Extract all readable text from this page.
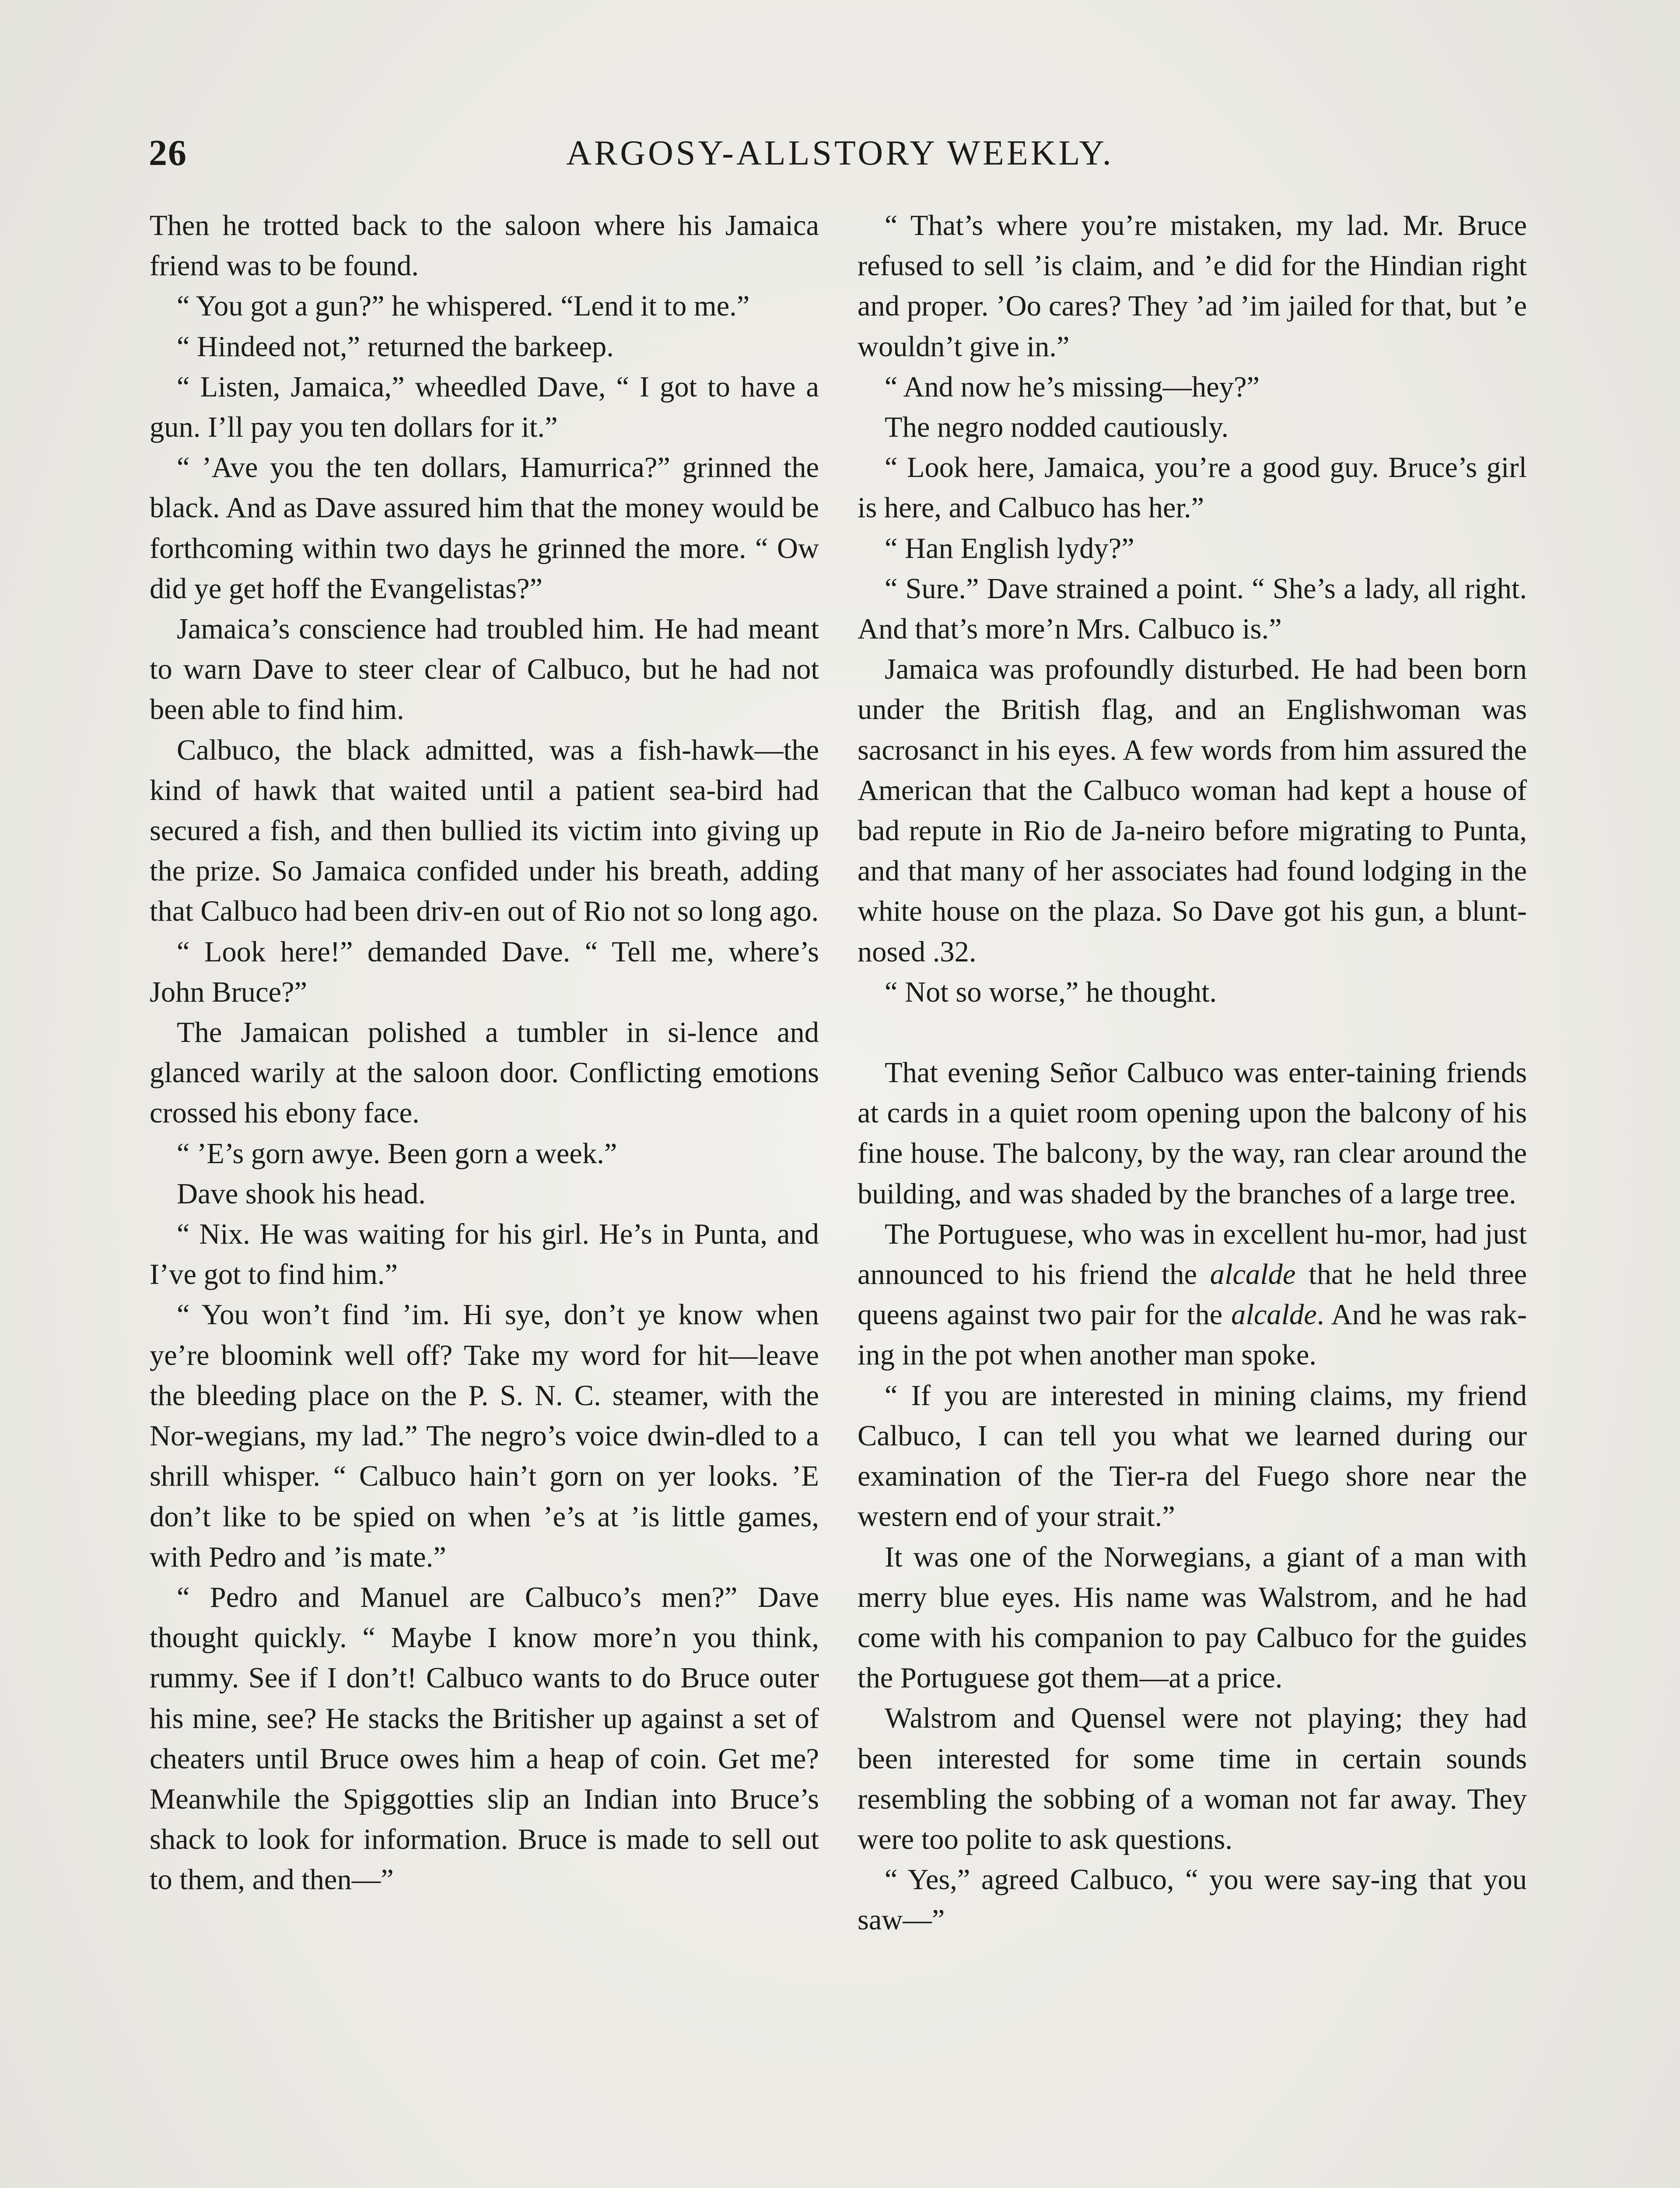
26	ARGOSY-ALLSTORY WEEKLY.

Then he trotted back to the saloon where his Jamaica friend was to be found.

“ You got a gun?” he whispered. “Lend it to me.”

“ Hindeed not,” returned the barkeep.

“ Listen, Jamaica,” wheedled Dave, “ I got to have a gun. I’ll pay you ten dollars for it.”

“ ’Ave you the ten dollars, Hamurrica?” grinned the black. And as Dave assured him that the money would be forthcoming within two days he grinned the more. “ Ow did ye get hoff the Evangelistas?”

Jamaica’s conscience had troubled him. He had meant to warn Dave to steer clear of Calbuco, but he had not been able to find him.

Calbuco, the black admitted, was a fish-hawk—the kind of hawk that waited until a patient sea-bird had secured a fish, and then bullied its victim into giving up the prize. So Jamaica confided under his breath, adding that Calbuco had been driv-en out of Rio not so long ago.

“ Look here!” demanded Dave. “ Tell me, where’s John Bruce?”

The Jamaican polished a tumbler in si-lence and glanced warily at the saloon door. Conflicting emotions crossed his ebony face.

“ ’E’s gorn awye. Been gorn a week.”

Dave shook his head.

“ Nix. He was waiting for his girl. He’s in Punta, and I’ve got to find him.”

“ You won’t find ’im. Hi sye, don’t ye know when ye’re bloomink well off? Take my word for hit—leave the bleeding place on the P. S. N. C. steamer, with the Nor-wegians, my lad.” The negro’s voice dwin-dled to a shrill whisper. “ Calbuco hain’t gorn on yer looks. ’E don’t like to be spied on when ’e’s at ’is little games, with Pedro and ’is mate.”

“ Pedro and Manuel are Calbuco’s men?” Dave thought quickly. “ Maybe I know more’n you think, rummy. See if I don’t! Calbuco wants to do Bruce outer his mine, see? He stacks the Britisher up against a set of cheaters until Bruce owes him a heap of coin. Get me? Meanwhile the Spiggotties slip an Indian into Bruce’s shack to look for information. Bruce is made to sell out to them, and then—”

“ That’s where you’re mistaken, my lad. Mr. Bruce refused to sell ’is claim, and ’e did for the Hindian right and proper. ’Oo cares? They ’ad ’im jailed for that, but ’e wouldn’t give in.”

“ And now he’s missing—hey?”

The negro nodded cautiously.

“ Look here, Jamaica, you’re a good guy. Bruce’s girl is here, and Calbuco has her.”

“ Han English lydy?”

“ Sure.” Dave strained a point. “ She’s a lady, all right. And that’s more’n Mrs. Calbuco is.”

Jamaica was profoundly disturbed. He had been born under the British flag, and an Englishwoman was sacrosanct in his eyes. A few words from him assured the American that the Calbuco woman had kept a house of bad repute in Rio de Ja-neiro before migrating to Punta, and that many of her associates had found lodging in the white house on the plaza. So Dave got his gun, a blunt-nosed .32.

“ Not so worse,” he thought.

That evening Señor Calbuco was enter-taining friends at cards in a quiet room opening upon the balcony of his fine house. The balcony, by the way, ran clear around the building, and was shaded by the branches of a large tree.

The Portuguese, who was in excellent hu-mor, had just announced to his friend the alcalde that he held three queens against two pair for the alcalde. And he was rak-ing in the pot when another man spoke.

“ If you are interested in mining claims, my friend Calbuco, I can tell you what we learned during our examination of the Tier-ra del Fuego shore near the western end of your strait.”

It was one of the Norwegians, a giant of a man with merry blue eyes. His name was Walstrom, and he had come with his companion to pay Calbuco for the guides the Portuguese got them—at a price.

Walstrom and Quensel were not playing; they had been interested for some time in certain sounds resembling the sobbing of a woman not far away. They were too polite to ask questions.

“ Yes,” agreed Calbuco, “ you were say-ing that you saw—”
